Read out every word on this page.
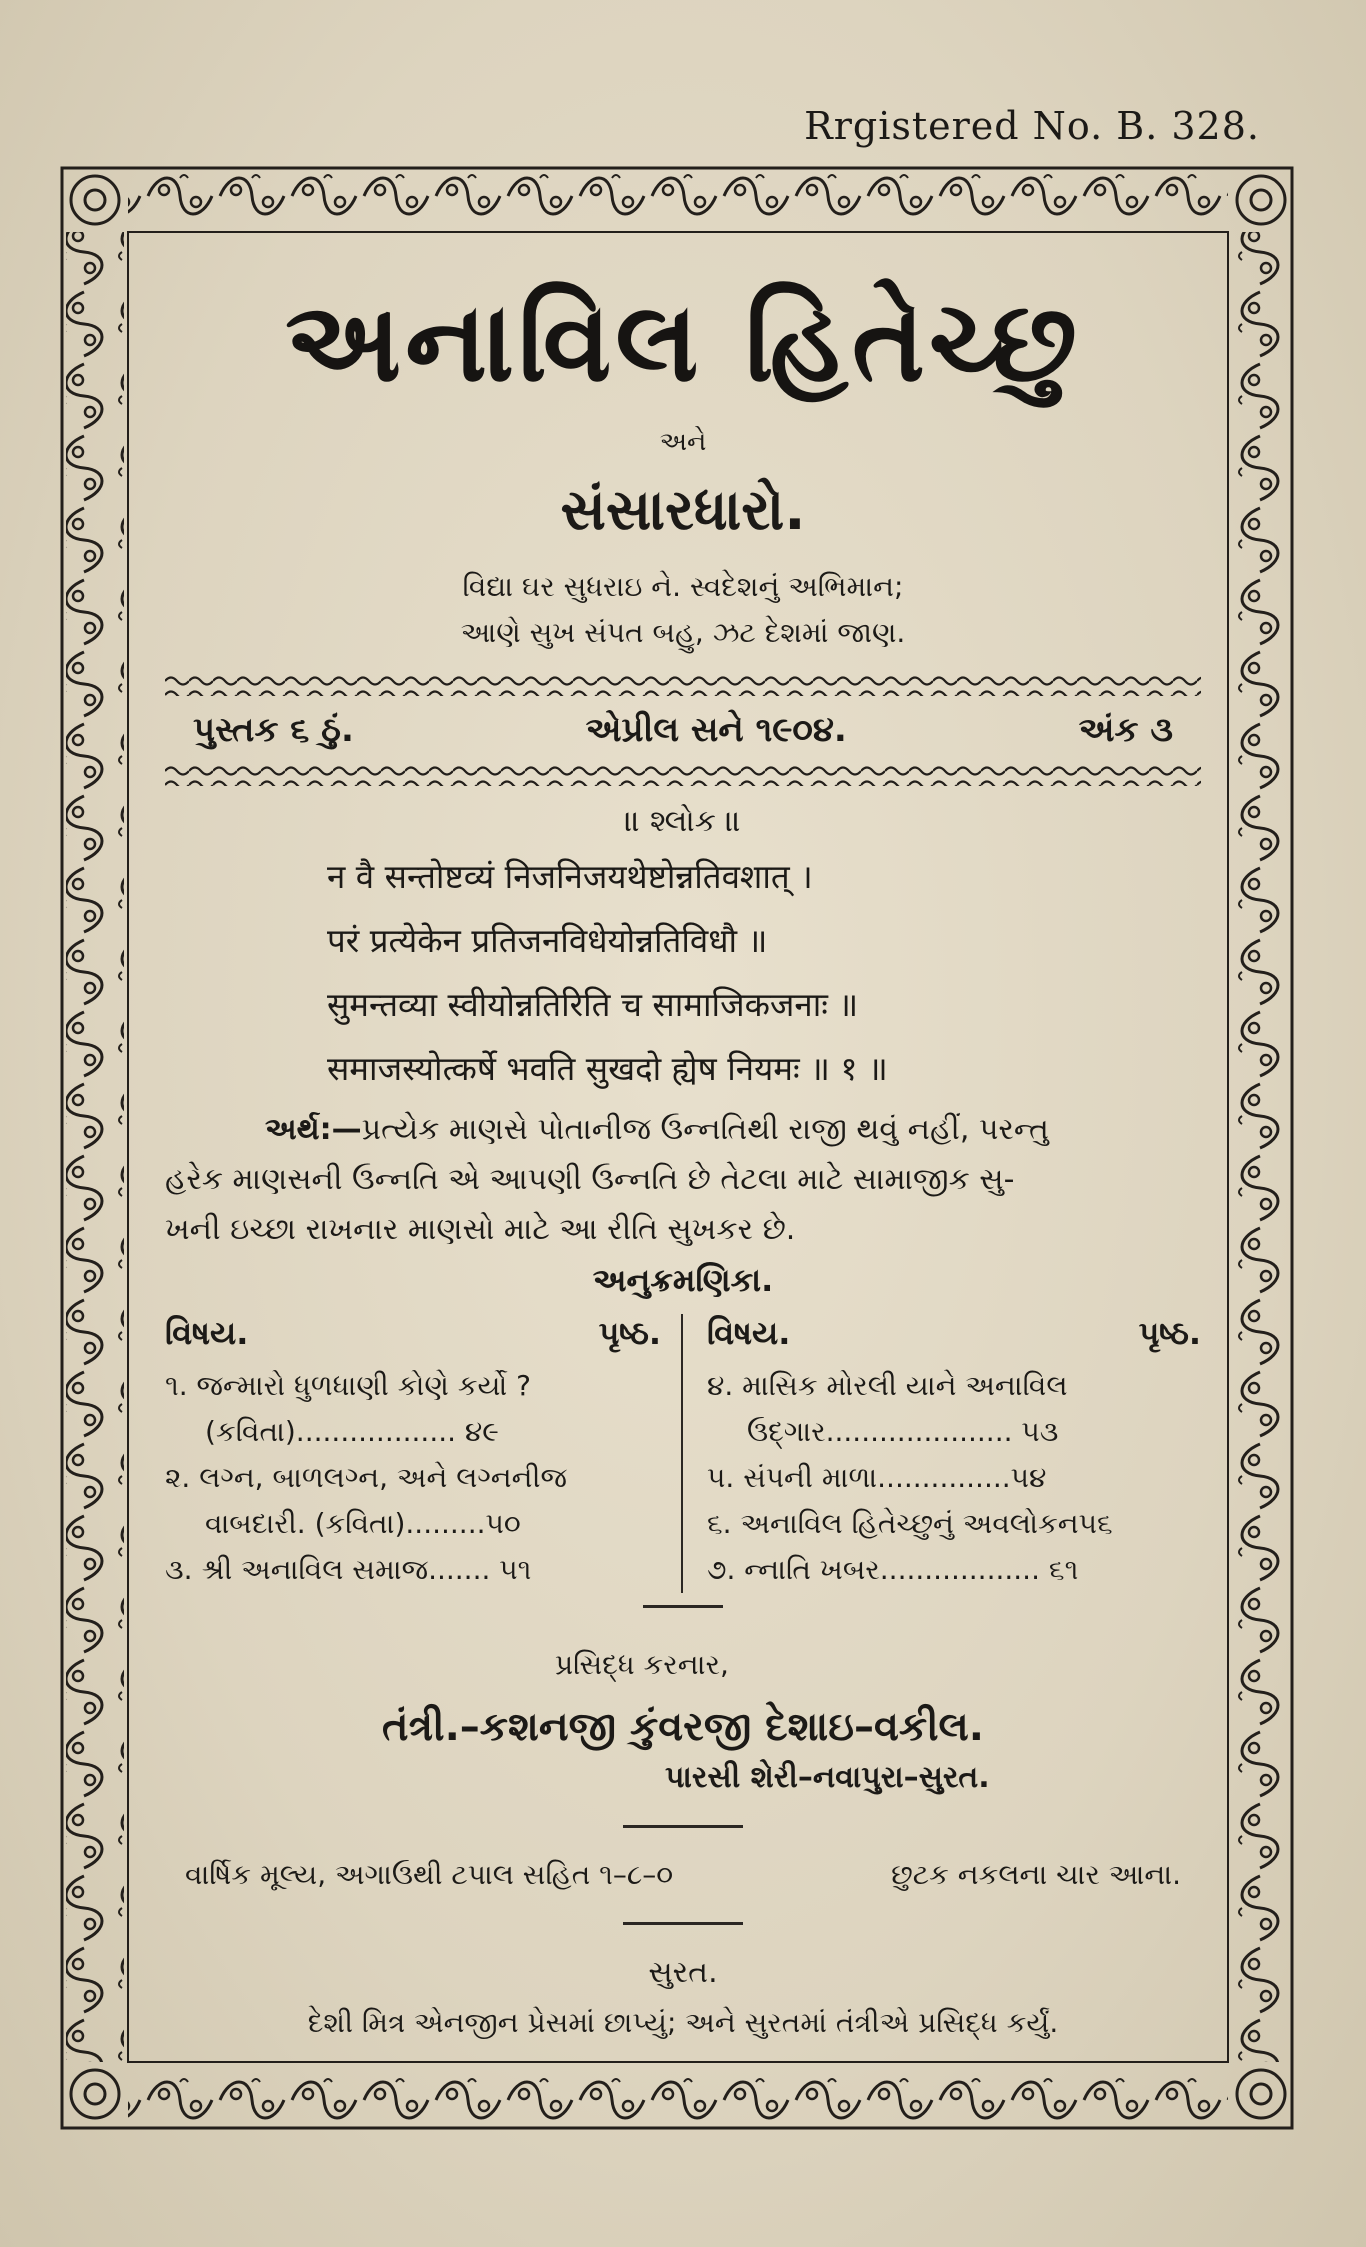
Rrgistered No. B. 328.
અનાવિલ હિતેચ્છુ
અને
સંસારધારો.
વિદ્યા ઘર સુધરાઇ ને. સ્વદેશનું અભિમાન;
આણે સુખ સંપત બહુ, ઝટ દેશમાં જાણ.
પુસ્તક ૬ ઠું.	એપ્રીલ સને ૧૯૦૪.	અંક ૩
॥ શ્લોક ॥
न वै सन्तोष्टव्यं निजनिजयथेष्टोन्नतिवशात् ।
परं प्रत्येकेन प्रतिजनविधेयोन्नतिविधौ ॥
सुमन्तव्या स्वीयोन्नतिरिति च सामाजिकजनाः ॥
समाजस्योत्कर्षे भवति सुखदो ह्येष नियमः ॥ १ ॥
અર્થ:—પ્રત્યેક માણસે પોતાનીજ ઉન્નતિથી રાજી થવું નહીં, પરન્તુ
હરેક માણસની ઉન્નતિ એ આપણી ઉન્નતિ છે તેટલા માટે સામાજીક સુ-
ખની ઇચ્છા રાખનાર માણસો માટે આ રીતિ સુખકર છે.
અનુક્રમણિકા.
વિષય.	પૃષ્ઠ.
૧. જન્મારો ધુળધાણી કોણે કર્યો ?
(કવિતા).................. ૪૯
૨. લગ્ન, બાળલગ્ન, અને લગ્નનીજ
વાબદારી. (કવિતા).........૫૦
૩. શ્રી અનાવિલ સમાજ....... ૫૧
વિષય.	પૃષ્ઠ.
૪. માસિક મોરલી યાને અનાવિલ
ઉદ્‌ગાર..................... ૫૩
૫. સંપની માળા...............૫૪
૬. અનાવિલ હિતેચ્છુનું અવલોકન૫૬
૭. ન્નાતિ ખબર.................. ૬૧
પ્રસિદ્ધ કરનાર,
તંત્રી.–કશનજી કુંવરજી દેશાઇ–વકીલ.
પારસી શેરી–નવાપુરા–સુરત.
વાર્ષિક મૂલ્ય, અગાઉથી ટપાલ સહિત ૧–૮–૦	છુટક નકલના ચાર આના.
સુરત.
દેશી મિત્ર એનજીન પ્રેસમાં છાપ્યું; અને સુરતમાં તંત્રીએ પ્રસિદ્ધ કર્યું.
